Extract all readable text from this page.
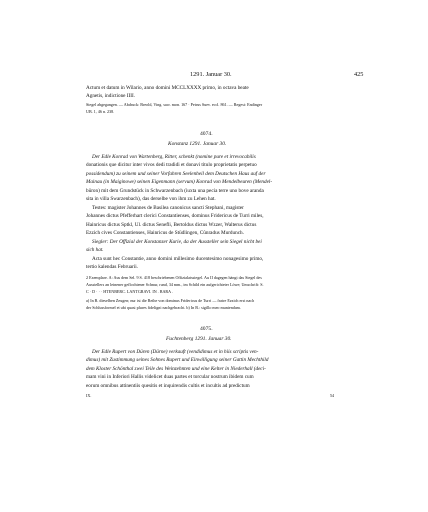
1291. Januar 30.	425
Actum et datum in Wilario, anno domini MCCLXXXX primo, in octava beate
Agnetis, indictione IIII.
Siegel abgegangen. — Abdruck: Breold, Ving. sacr. mon. 167 · Petrus Suev. eccl. 861. — Regest: Endinger
UB. 1, 46 n. 238.
4074.
Konstanz 1291. Januar 30.
Der Edle Konrad von Wartenberg, Ritter, schenkt (nomine pure et irrevocabilis
donationis que dicitur inter vivos dedi tradidi et donavi titulo proprietatis perpetuo
possidendum) zu seinem und seiner Vorfahren Seelenheil dem Deutschen Haus auf der
Mainau (in Maiginowe) seinen Eigenmann (servum) Konrad von Mendelbeuren (Mendel-
büron) mit dem Grundstück in Schwarzenbach (iuxta una pecia terre uno bove aranda
sita in villa Swarzenbach), das derselbe von ihm zu Lehen hat.
Testes: magister Johannes de Basilea canonicus sancti Stephani, magister
Johannes dictus Pfefferhart clerici Constantienses, dominus Fridericus de Turri miles,
Hainricus dictus Sptkl, Ul. dictus Senefli, Bertoldus dictus Wzzer, Walterus dictus
Ezzich cives Constantienses, Hainricus de Stüdlingen, Cûnradus Murdunch.
Siegler: Der Offizial der Konstanzer Kurie, da der Aussteller sein Siegel nicht bei
sich hat.
Acta sunt hec Constantie, anno domini millesimo ducentesimo nonagesimo primo,
tertio kalendas Februarii.
2 Exemplare. A: Aus dem Sel. 9 S. 418 beschriebenen Offizialatssiegel. Au II dagegen hängt das Siegel des
Ausstellers an leinener geflochtener Schnur, rund, 34 mm., im Schild ein aufgerichteter Löwe; Umschrift: S.
C · D · · · HTENBERC. LANTGRAVI. IN . BARA .
a) In B. dieselben Zeugen; nur ist die Reihe von dominus Fridericus de Turri — fratre Ezzich erst nach
der Schlussformel et ubi quasi plures fideligni nachgebracht. b) In B.: sigillo meo muniendam.
4075.
Fuchtenberg 1291. Januar 30.
Der Edle Rupert von Düren (Dürne) verkauft (vendidimus et in hiis scriptis ven-
dimus) mit Zustimmung seines Sohnes Rupert und Einwilligung seiner Gattin Mechthild
dem Kloster Schönthal zwei Teile des Weinzehnten und eine Kelter in Niederhall (deci-
mam vini in Inferiori Hallis videlicet duas partes et torcular nostrum ibidem cum
eorum omnibus attinentiis quesitis et inquirendis cultis et incultis ad predictum
IX.	54
